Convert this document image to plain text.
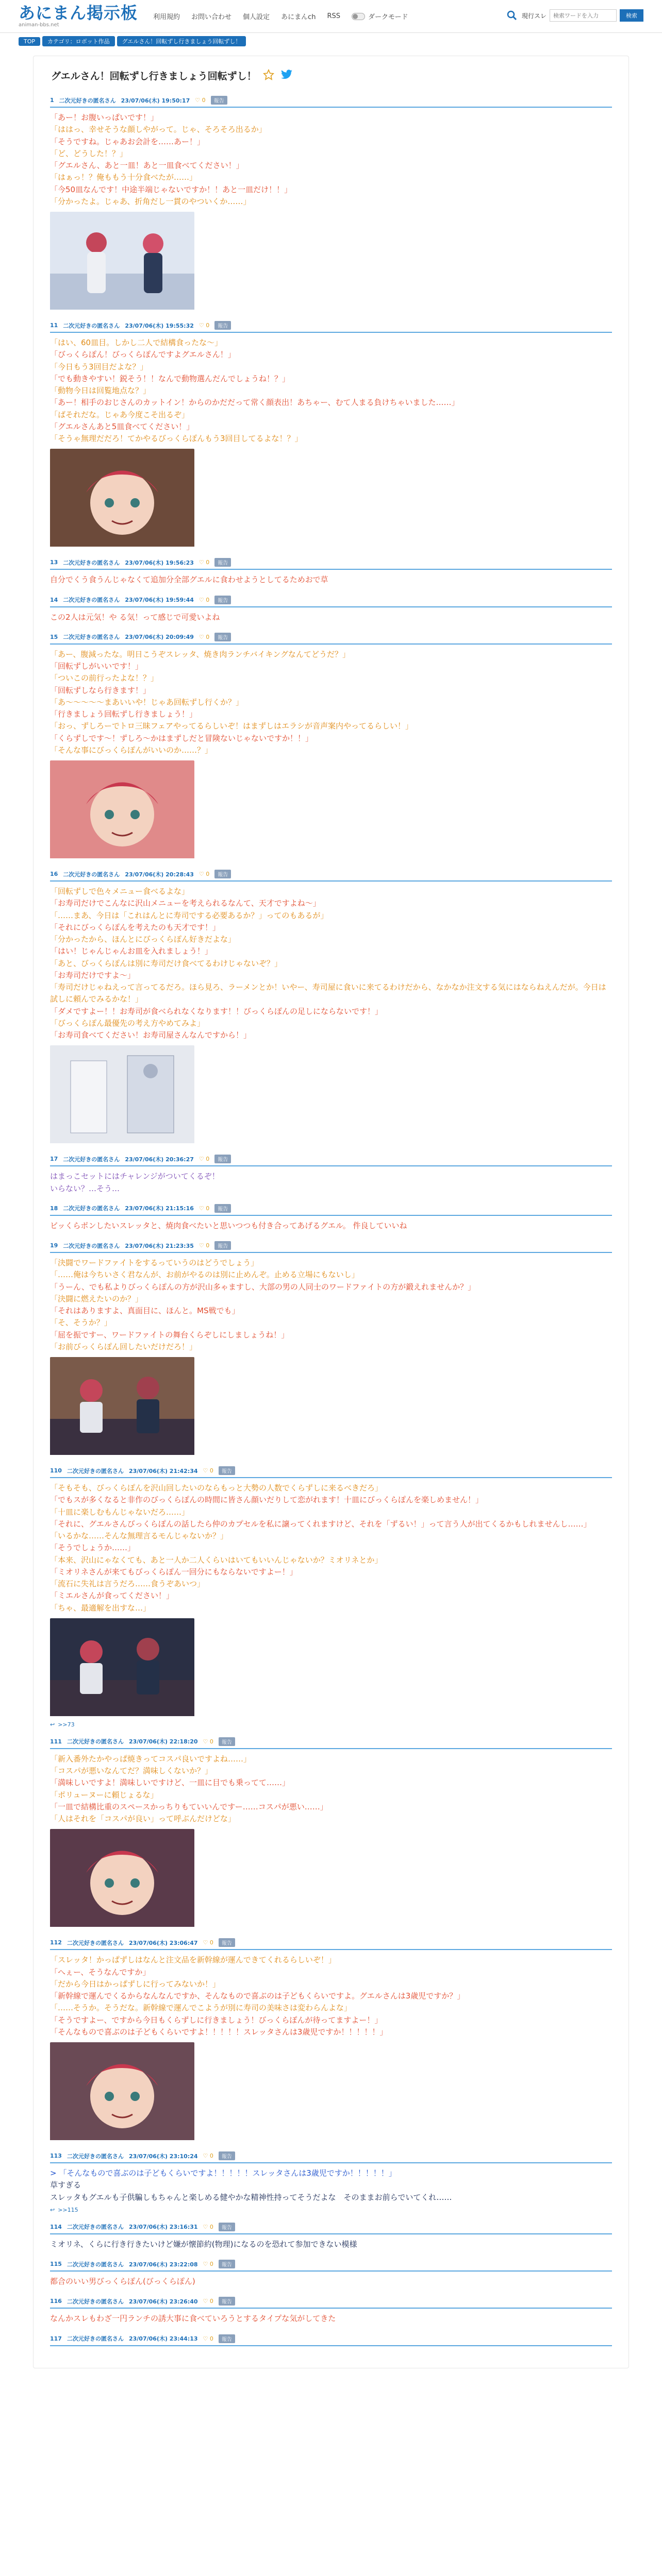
あにまん掲示板
animan-bbs.net
利用規約 お問い合わせ 個人設定 あにまんch RSS	ダークモード	現行スレ
検索ワードを入力	検索
TOP	カテゴリ：ロボット作品	グエルさん！回転ずし行きましょう回転ずし！
グエルさん！回転ずし行きましょう回転ずし！
1 二次元好きの匿名さん 23/07/06(木) 19:50:17 ♡ 0	報告
「あー！お腹いっぱいです！」
「ははっ、幸せそうな顔しやがって。じゃ、そろそろ出るか」
「そうですね。じゃあお会計を……あー！」
「ど、どうした！？」
「グエルさん、あと一皿！あと一皿食べてください！」
「はぁっ！？俺ももう十分食べたが……」
「今50皿なんです！中途半端じゃないですか！！あと一皿だけ！！」
「分かったよ。じゃあ、折角だし一貫のやついくか……」
11 二次元好きの匿名さん 23/07/06(木) 19:55:32 ♡ 0	報告
「はい、60皿目。しかし二人で結構食ったな～」
「びっくらぽん！びっくらぽんですよグエルさん！」
「今日もう3回目だよな？」
「でも動きやすい！鋭そう！！なんで動物選んだんでしょうね！？」
「動物今日は回覧地点な？」
「あー！相手のおじさんのカットイン！からのかだだって常く顔表出！あちゃー、むて人まる負けちゃいました……」
「ばそれだな。じゃあ今度こそ出るぞ」
「グエルさんあと5皿食べてください！」
「そうゃ無理だだろ！てかやるびっくらぽんもう3回目してるよな！？」
13 二次元好きの匿名さん 23/07/06(木) 19:56:23 ♡ 0	報告
自分でくう食うんじゃなくて追加分全部グエルに食わせようとしてるためおで草
14 二次元好きの匿名さん 23/07/06(木) 19:59:44 ♡ 0	報告
この2人は元気！や る気！って感じで可愛いよね
15 二次元好きの匿名さん 23/07/06(木) 20:09:49 ♡ 0	報告
「あー、腹減ったな。明日こうぞスレッタ、焼き肉ランチバイキングなんてどうだ？」
「回転ずしがいいです！」
「ついこの前行ったよな！？」
「回転ずしなら行きます！」
「あ～～～～～まあいいや！じゃあ回転ずし行くか？」
「行きましょう回転ずし行きましょう！」
「おっ、ずしろーでトロ三昧フェアやってるらしいぞ！はまずしはエラシが音声案内やってるらしい！」
「くらずしです～！ずしろ～かはまずしだと冒険ないじゃないですか！！」
「そんな事にびっくらぽんがいいのか……？」
16 二次元好きの匿名さん 23/07/06(木) 20:28:43 ♡ 0	報告
「回転ずしで色々メニュー食べるよな」
「お寿司だけでこんなに沢山メニューを考えられるなんて、天才ですよね～」
「……まあ、今日は「これはんとに寿司でする必要あるか？」ってのもあるが」
「それにびっくらぽんを考えたのも天才です！」
「分かったから、ほんとにびっくらぽん好きだよな」
「はい！じゃんじゃんお皿を入れましょう！」
「あと、びっくらぽんは別に寿司だけ食べてるわけじゃないぞ？」
「お寿司だけですよ～」
「寿司だけじゃねえって言ってるだろ。ほら見ろ、ラーメンとか！いやー、寿司屋に食いに来てるわけだから、なかなか注文する気にはならねえんだが。今日は試しに頼んでみるかな！」
「ダメですよー！！お寿司が食べられなくなります！！びっくらぽんの足しにならないです！」
「びっくらぽん最優先の考え方やめてみよ」
「お寿司食べてください！お寿司屋さんなんですから！」
17 二次元好きの匿名さん 23/07/06(木) 20:36:27 ♡ 0	報告
はまっこセットにはチャレンジがついてくるぞ！
いらない？…そう…
18 二次元好きの匿名さん 23/07/06(木) 21:15:16 ♡ 0	報告
ビッくらポンしたいスレッタと、焼肉食べたいと思いつつも付き合ってあげるグエル。 件良していいね
19 二次元好きの匿名さん 23/07/06(木) 21:23:35 ♡ 0	報告
「決闘でワードファイトをするっていうのはどうでしょう」
「……俺は今ちいさく君なんが、お前がやるのは別に止めんぞ。止める立場にもないし」
「うーん、でも私よりびっくらぽんの方が沢山多ゃますし、大部の男の人同士のワードファイトの方が鍛えれませんか？」
「決闘に燃えたいのか？」
「それはありますよ、真面目に、ほんと。MS戦でも」
「そ、そうか？」
「屈を振ですー、ワードファイトの舞台くらぞしにしましょうね！」
「お前びっくらぽん回したいだけだろ！」
110 二次元好きの匿名さん 23/07/06(木) 21:42:34 ♡ 0	報告
「そもそも、びっくらぽんを沢山回したいのならもっと大勢の人数でくらずしに来るべきだろ」
「でもスが多くなると非作のびっくらぽんの時間に皆さん顔いだりして恋がれます！十皿にびっくらぽんを楽しめません！」
「十皿に楽しむもんじゃないだろ……」
「それに、グエルさんびっくらぽんの話したら仲のカプセルを私に譲ってくれますけど、それを「ずるい！」って言う人が出てくるかもしれませんし……」
「いるかな……そんな無理言るモんじゃないか？」
「そうでしょうか……」
「本来、沢山にゃなくても、あと一人か二人くらいはいてもいいんじゃないか？ミオリネとか」
「ミオリネさんが来てもびっくらぽん一回分にもならないですよー！」
「流石に失礼は言うだろ……食うぞあいつ」
「ミエルさんが食ってください！」
「ちゃ、最適解を出すな…」
↩ >>73
111 二次元好きの匿名さん 23/07/06(木) 22:18:20 ♡ 0	報告
「新入番外たかやっぱ焼きってコスパ良いですよね……」
「コスパが悪いなんてだ？満味しくないか？」
「満味しいですよ！満味しいですけど、一皿に目でも乗ってて……」
「ポリューヌーに頼じょるな」
「一皿で結構比重のスペースかっちりもていいんですー……コスパが悪い……」
「人はそれを「コスパが良い」って呼ぶんだけどな」
112 二次元好きの匿名さん 23/07/06(木) 23:06:47 ♡ 0	報告
「スレッタ！かっぱずしはなんと注文品を新幹線が運んできてくれるらしいぞ！」
「へぇー、そうなんですか」
「だから今日はかっぱずしに行ってみないか！」
「新幹線で運んでくるからなんなんですか、そんなもので喜ぶのは子どもくらいですよ。グエルさんは3歳児ですか？」
「……そうか。そうだな。新幹線で運んでこようが別に寿司の美味さは変わらんよな」
「そうですよー、ですから今日もくらずしに行きましょう！びっくらぽんが待ってますよー！」
「そんなもので喜ぶのは子どもくらいですよ！！！！！スレッタさんは3歳児ですか！！！！！」
113 二次元好きの匿名さん 23/07/06(木) 23:10:24 ♡ 0	報告
> 「そんなもので喜ぶのは子どもくらいですよ！！！！！スレッタさんは3歳児ですか！！！！！」
草すぎる
スレッタもグエルも子供騙しもちゃんと楽しめる健やかな精神性持ってそうだよな　そのままお前らでいてくれ……
↩ >>115
114 二次元好きの匿名さん 23/07/06(木) 23:16:31 ♡ 0	報告
ミオリネ、くらに行き行きたいけど嫌が懐節約(物理)になるのを恐れて参加できない模様
115 二次元好きの匿名さん 23/07/06(木) 23:22:08 ♡ 0	報告
都合のいい男びっくらぽん(びっくらぽん)
116 二次元好きの匿名さん 23/07/06(木) 23:26:40 ♡ 0	報告
なんかスレもわざ一円ランチの誘大事に食べていろうとするタイプな気がしてきた
117 二次元好きの匿名さん 23/07/06(木) 23:44:13 ♡ 0	報告
